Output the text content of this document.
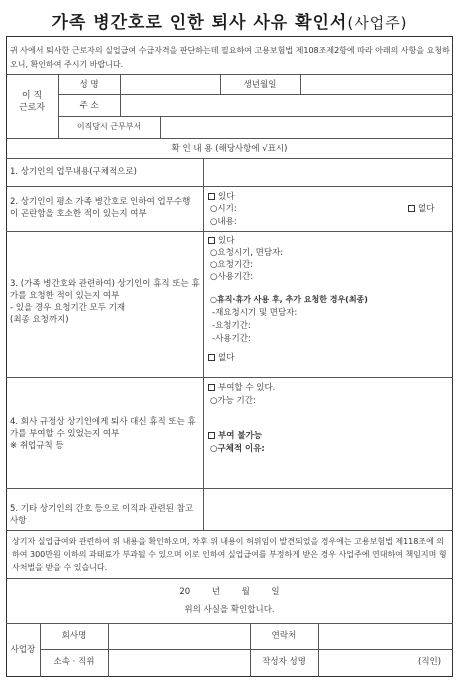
가족 병간호로 인한 퇴사 사유 확인서(사업주)
귀 사에서 퇴사한 근로자의 실업급여 수급자격을 판단하는데 필요하여 고용보험법 제108조제2항에 따라 아래의 사항을 요청하오니, 확인하여 주시기 바랍니다.
이 직
근로자
성 명	생년월일
주 소
이직당시 근무부서
확 인 내 용 (해당사항에 √표시)
1. 상기인의 업무내용(구체적으로)
2. 상기인이 평소 가족 병간호로 인하여 업무수행이 곤란함을 호소한 적이 있는지 여부
있다
○시기:
○내용:
없다
3. (가족 병간호와 관련하여) 상기인이 휴직 또는 휴가를 요청한 적이 있는지 여부
- 있을 경우 요청기간 모두 기재
(최종 요청까지)
있다
○요청시기, 면담자:
○요청기간:
○사용기간:
○휴직·휴가 사용 후, 추가 요청한 경우(최종)
-재요청시기 및 면담자:
-요청기간:
-사용기간:
없다
4. 회사 규정상 상기인에게 퇴사 대신 휴직 또는 휴가를 부여할 수 있었는지 여부
※ 취업규칙 등
부여할 수 있다.
○가능 기간:
부여 불가능
○구체적 이유:
5. 기타 상기인의 간호 등으로 이직과 관련된 참고사항
상기자 실업급여와 관련하여 위 내용을 확인하오며, 차후 위 내용이 허위임이 발견되었을 경우에는 고용보험법 제118조에 의하여 300만원 이하의 과태료가 부과될 수 있으며 이로 인하여 실업급여를 부정하게 받은 경우 사업주에 연대하여 책임지며 형사처벌을 받을 수 있습니다.
20        년        월        일
위의 사실을 확인합니다.
사업장
회사명	연락처
소속 · 직위	작성자 성명	(직인)
